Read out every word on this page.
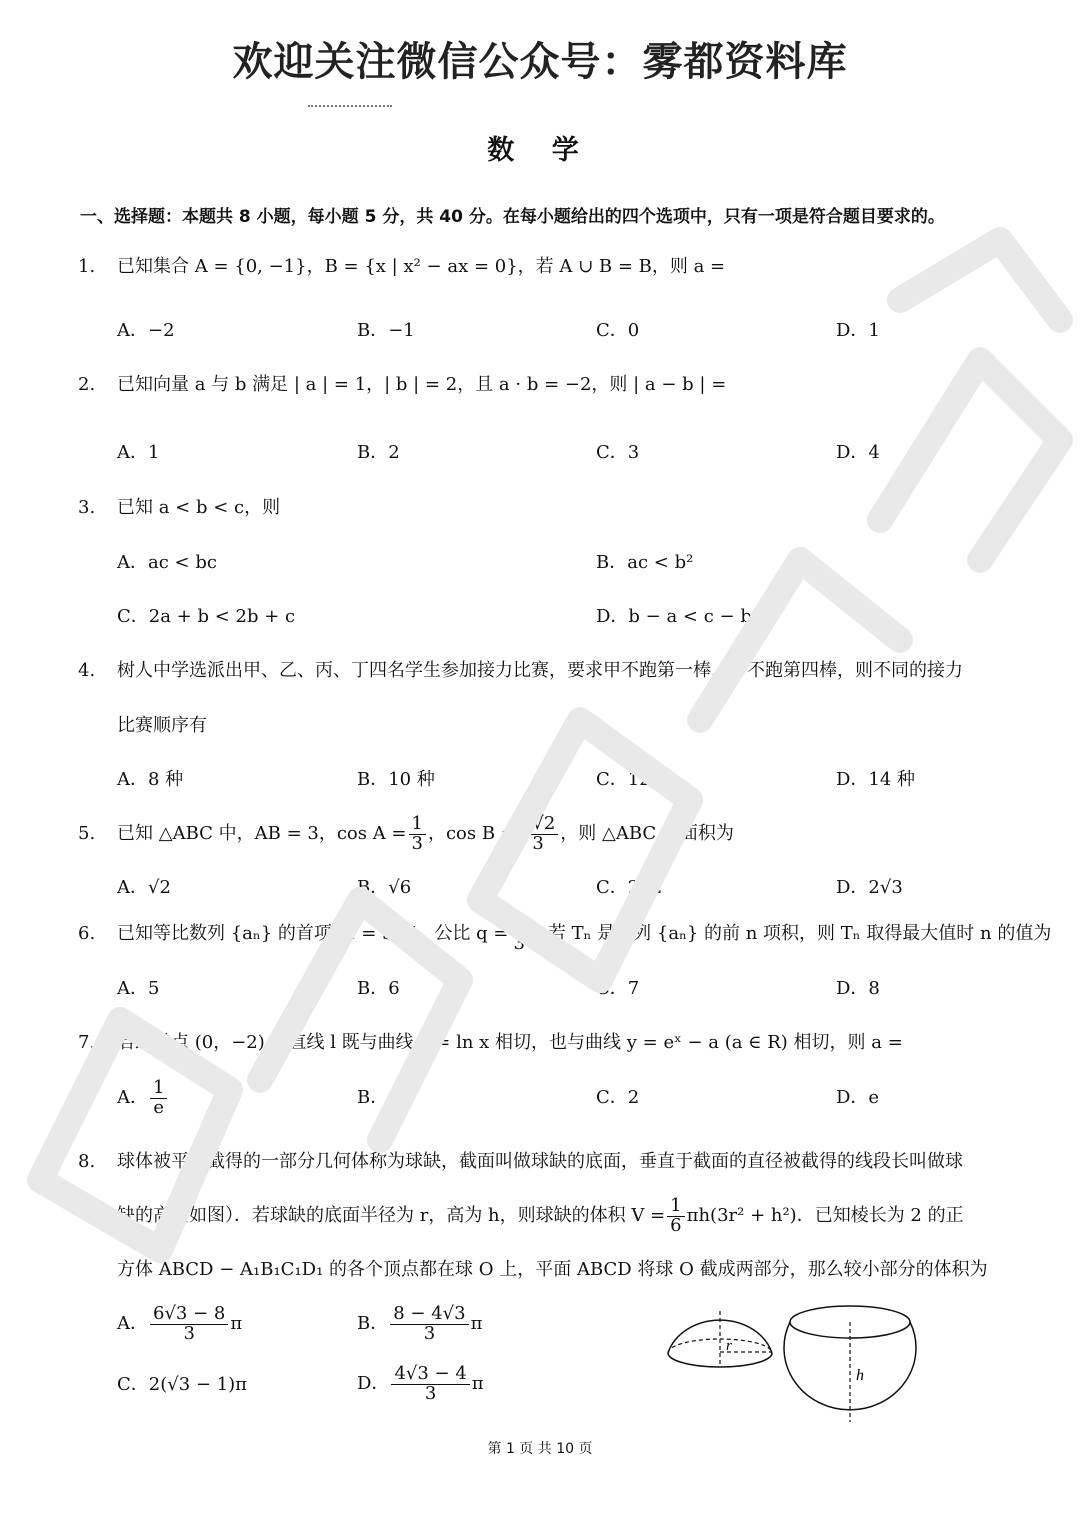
欢迎关注微信公众号：雾都资料库
数 学
一、选择题：本题共 8 小题，每小题 5 分，共 40 分。在每小题给出的四个选项中，只有一项是符合题目要求的。
1. 已知集合 A = {0, −1}，B = {x | x² − ax = 0}，若 A ∪ B = B，则 a =
A．−2	B．−1	C．0	D．1
2. 已知向量 a 与 b 满足 | a | = 1，| b | = 2，且 a · b = −2，则 | a − b | =
A．1	B．2	C．3	D．4
3. 已知 a < b < c，则
A．ac < bc	B．ac < b²
C．2a + b < 2b + c	D．b − a < c − b
4. 树人中学选派出甲、乙、丙、丁四名学生参加接力比赛，要求甲不跑第一棒，丁不跑第四棒，则不同的接力
比赛顺序有
A．8 种	B．10 种	C．12 种	D．14 种
5. 已知 △ABC 中，AB = 3，$\cos A = \frac{1}{3}$ ，$\cos B = \frac{2√2}{3}$ ，则 △ABC 的面积为
A．√2	B．√6	C．2√2	D．2√3
6. 已知等比数列 {aₙ} 的首项 a₁ = 527，公比 $q = \frac{1}{3}$ ．若 Tₙ 是数列 {aₙ} 的前 n 项积，则 Tₙ 取得最大值时 n 的值为
A．5	B．6	C．7	D．8
7. 若经过点 (0，−2) 的直线 l 既与曲线 y = ln x 相切，也与曲线 y = eˣ − a (a ∈ R) 相切，则 a =
A． $\frac{1}{e}$	B．1	C．2	D．e
8. 球体被平面截得的一部分几何体称为球缺，截面叫做球缺的底面，垂直于截面的直径被截得的线段长叫做球
缺的高（如图）．若球缺的底面半径为 r，高为 h，则球缺的体积 $V = \frac{1}{6} \pi h(3r^2 + h^2)$．已知棱长为 2 的正
方体 ABCD − A₁B₁C₁D₁ 的各个顶点都在球 O 上，平面 ABCD 将球 O 截成两部分，那么较小部分的体积为
A． $\frac{6√3 - 8}{3}$ π	B． $\frac{8 - 4√3}{3}$ π
C．2(√3 − 1)π	D． $\frac{4√3 - 4}{3}$ π
r
h
第 1 页 共 10 页
